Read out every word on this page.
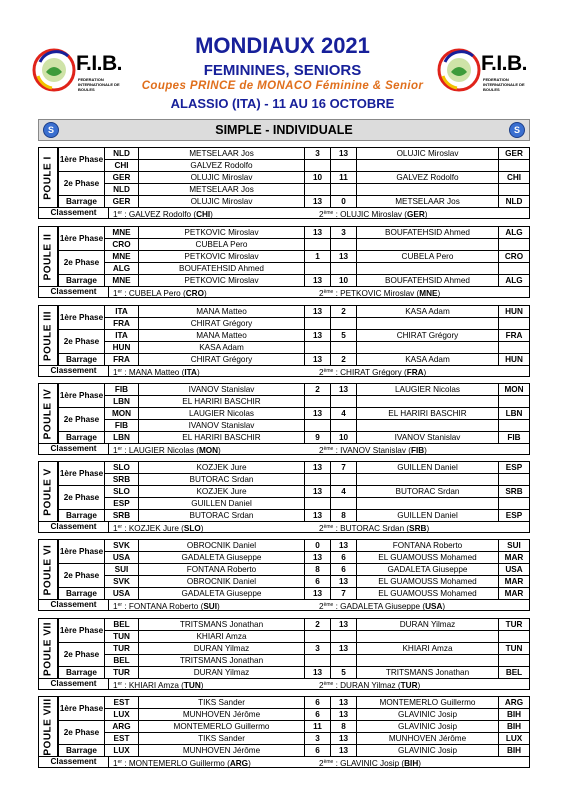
F.I.B.
FEDERATION INTERNATIONALE DE BOULES
F.I.B.
FEDERATION INTERNATIONALE DE BOULES
MONDIAUX 2021
FEMININES, SENIORS
Coupes PRINCE de MONACO Féminine & Senior
ALASSIO (ITA) - 11 AU 16 OCTOBRE
S	SIMPLE - INDIVIDUALE	S
POULE I 1ère Phase
2e Phase
Barrage
NLD	METSELAAR Jos	3	13	OLUJIC Miroslav	GER
CHI	GALVEZ Rodolfo
GER	OLUJIC Miroslav	10	11	GALVEZ Rodolfo	CHI
NLD	METSELAAR Jos
GER	OLUJIC Miroslav	13	0	METSELAAR Jos	NLD
Classement	1er : GALVEZ Rodolfo (CHI)	2ème : OLUJIC Miroslav (GER)
POULE II 1ère Phase
2e Phase
Barrage
MNE	PETKOVIC Miroslav	13	3	BOUFATEHSID Ahmed	ALG
CRO	CUBELA Pero
MNE	PETKOVIC Miroslav	1	13	CUBELA Pero	CRO
ALG	BOUFATEHSID Ahmed
MNE	PETKOVIC Miroslav	13	10	BOUFATEHSID Ahmed	ALG
Classement	1er : CUBELA Pero (CRO)	2ème : PETKOVIC Miroslav (MNE)
POULE III 1ère Phase
2e Phase
Barrage
ITA	MANA Matteo	13	2	KASA Adam	HUN
FRA	CHIRAT Grégory
ITA	MANA Matteo	13	5	CHIRAT Grégory	FRA
HUN	KASA Adam
FRA	CHIRAT Grégory	13	2	KASA Adam	HUN
Classement	1er : MANA Matteo (ITA)	2ème : CHIRAT Grégory (FRA)
POULE IV 1ère Phase
2e Phase
Barrage
FIB	IVANOV Stanislav	2	13	LAUGIER Nicolas	MON
LBN	EL HARIRI BASCHIR
MON	LAUGIER Nicolas	13	4	EL HARIRI BASCHIR	LBN
FIB	IVANOV Stanislav
LBN	EL HARIRI BASCHIR	9	10	IVANOV Stanislav	FIB
Classement	1er : LAUGIER Nicolas (MON)	2ème : IVANOV Stanislav (FIB)
POULE V 1ère Phase
2e Phase
Barrage
SLO	KOZJEK Jure	13	7	GUILLEN Daniel	ESP
SRB	BUTORAC Srdan
SLO	KOZJEK Jure	13	4	BUTORAC Srdan	SRB
ESP	GUILLEN Daniel
SRB	BUTORAC Srdan	13	8	GUILLEN Daniel	ESP
Classement	1er : KOZJEK Jure (SLO)	2ème : BUTORAC Srdan (SRB)
POULE VI 1ère Phase
2e Phase
Barrage
SVK	OBROCNIK Daniel	0	13	FONTANA Roberto	SUI
USA	GADALETA Giuseppe	13	6	EL GUAMOUSS Mohamed	MAR
SUI	FONTANA Roberto	8	6	GADALETA Giuseppe	USA
SVK	OBROCNIK Daniel	6	13	EL GUAMOUSS Mohamed	MAR
USA	GADALETA Giuseppe	13	7	EL GUAMOUSS Mohamed	MAR
Classement	1er : FONTANA Roberto (SUI)	2ème : GADALETA Giuseppe (USA)
POULE VII 1ère Phase
2e Phase
Barrage
BEL	TRITSMANS Jonathan	2	13	DURAN Yilmaz	TUR
TUN	KHIARI Amza
TUR	DURAN Yilmaz	3	13	KHIARI Amza	TUN
BEL	TRITSMANS Jonathan
TUR	DURAN Yilmaz	13	5	TRITSMANS Jonathan	BEL
Classement	1er : KHIARI Amza (TUN)	2ème : DURAN Yilmaz (TUR)
POULE VIII 1ère Phase
2e Phase
Barrage
EST	TIKS Sander	6	13	MONTEMERLO Guillermo	ARG
LUX	MUNHOVEN Jérôme	6	13	GLAVINIC Josip	BIH
ARG	MONTEMERLO Guillermo	11	8	GLAVINIC Josip	BIH
EST	TIKS Sander	3	13	MUNHOVEN Jérôme	LUX
LUX	MUNHOVEN Jérôme	6	13	GLAVINIC Josip	BIH
Classement	1er : MONTEMERLO Guillermo (ARG)	2ème : GLAVINIC Josip (BIH)
